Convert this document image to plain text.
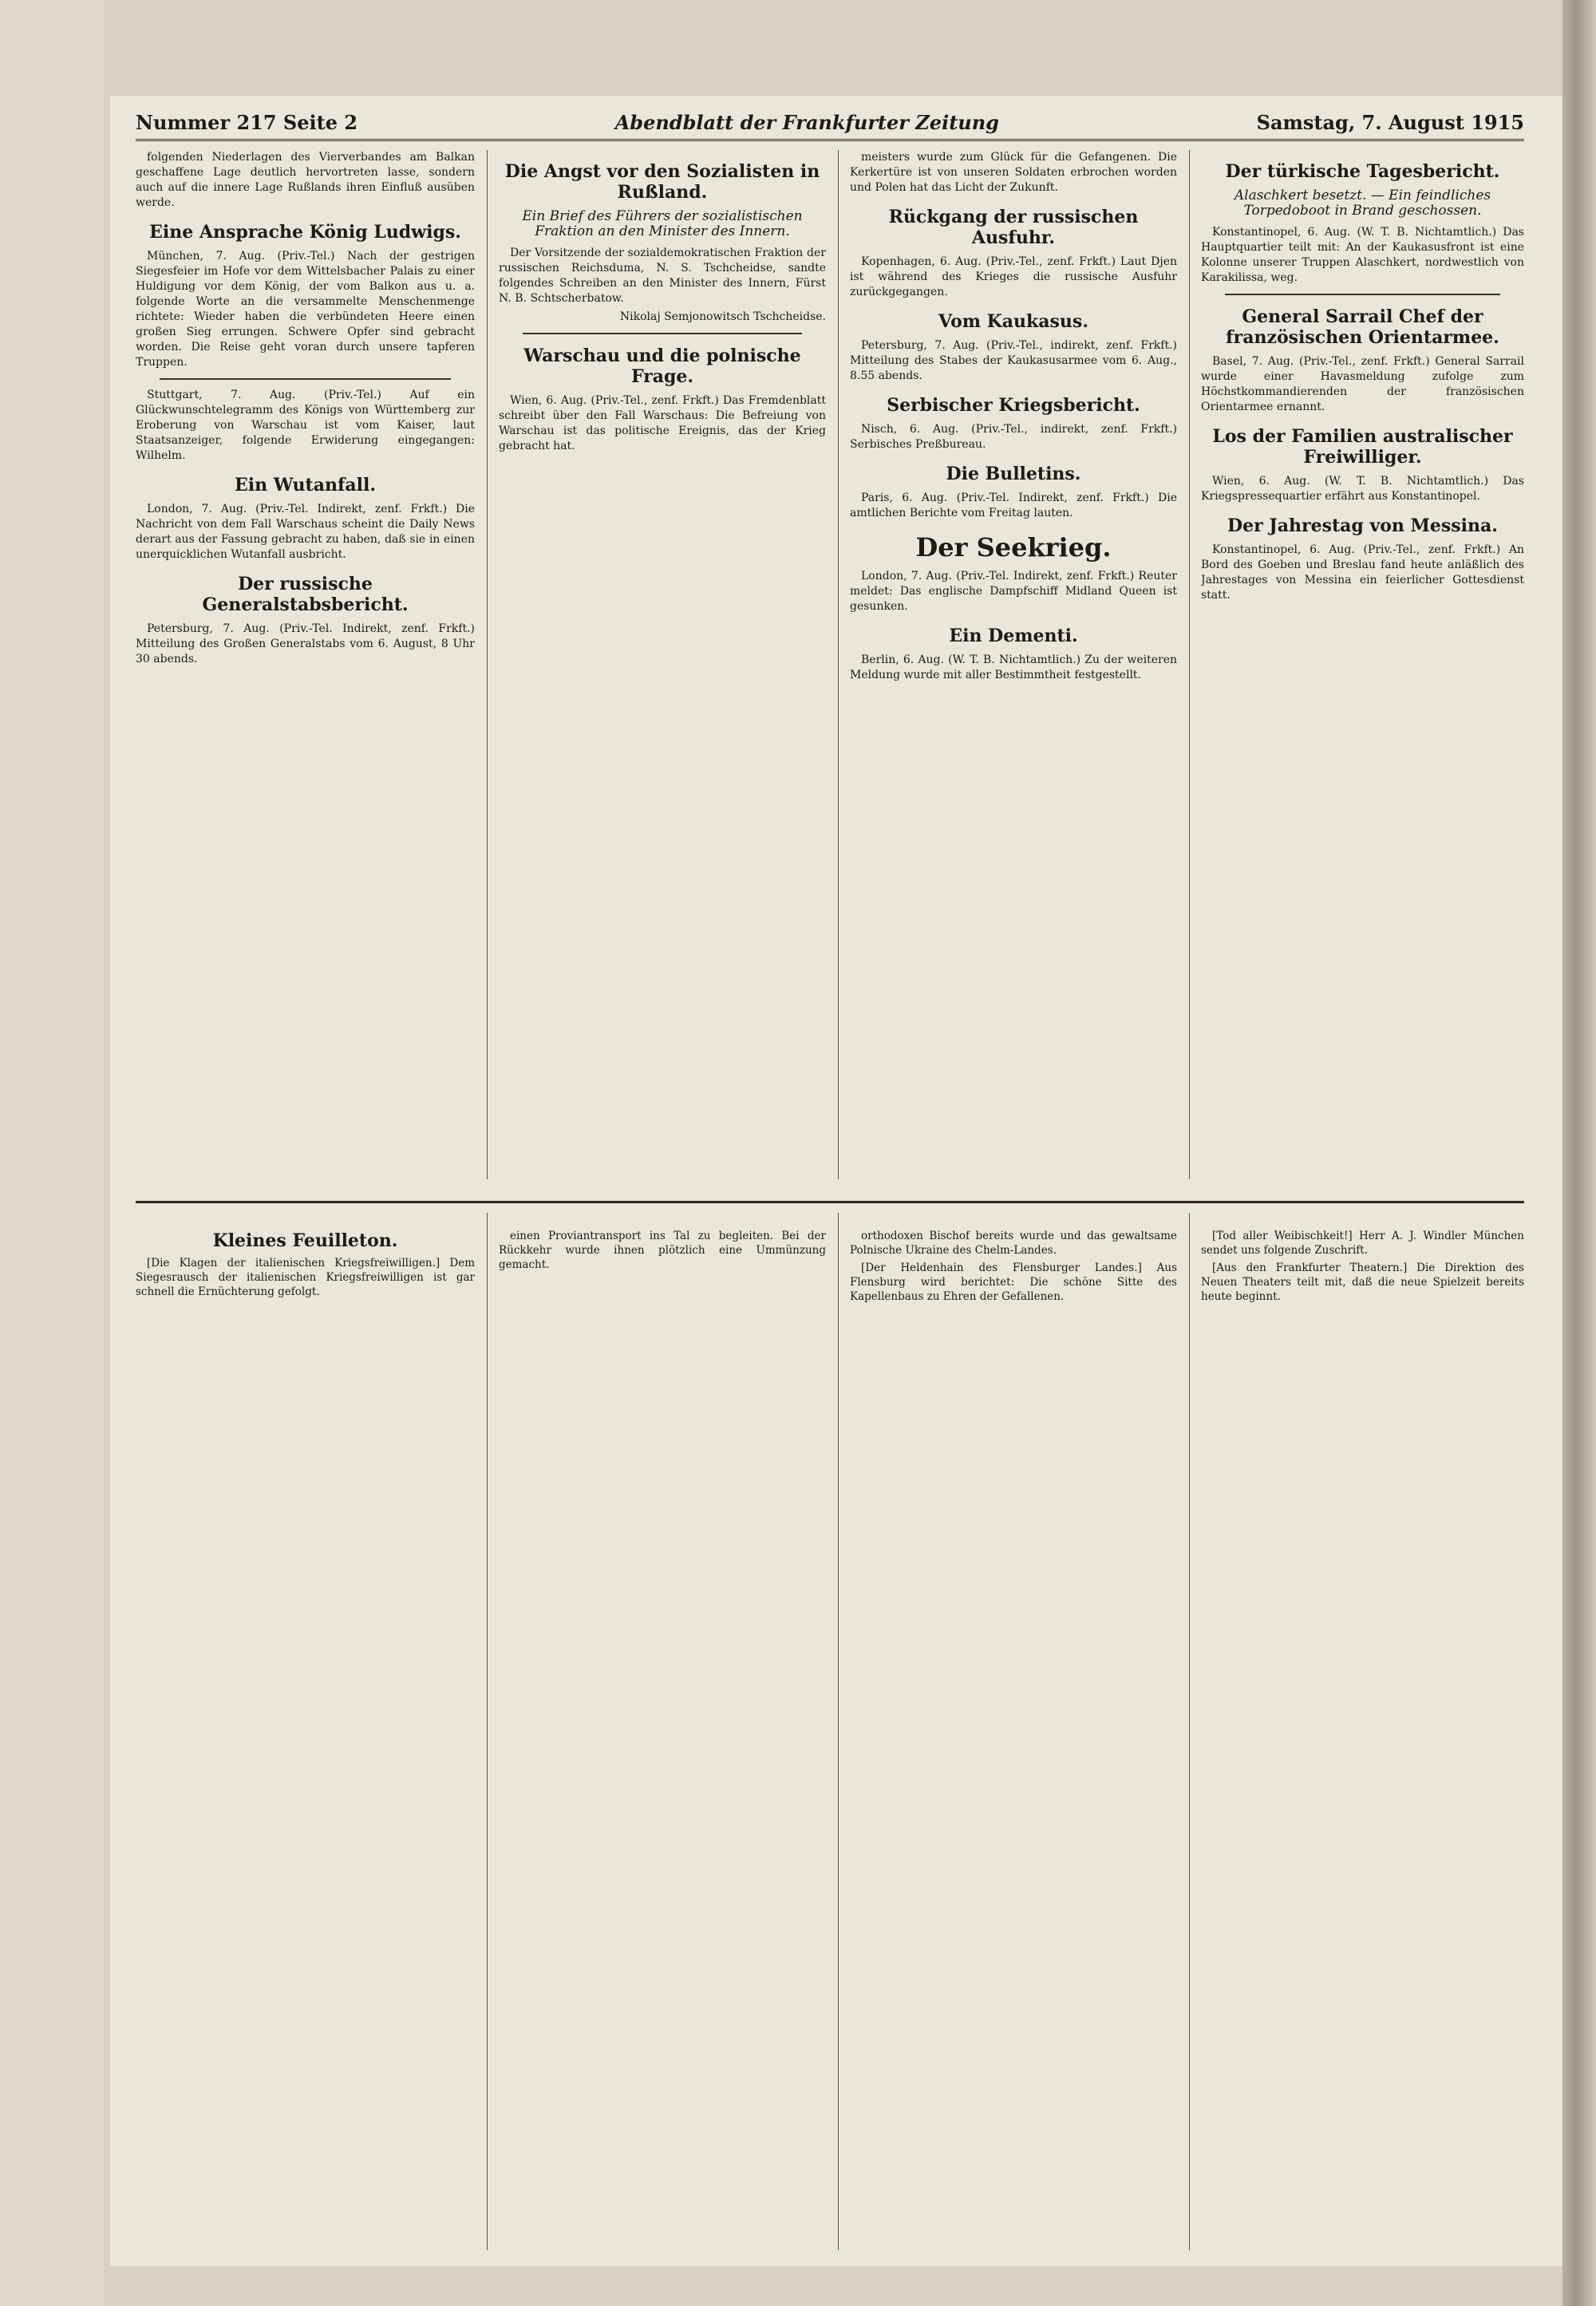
Nummer 217 Seite 2	Abendblatt der Frankfurter Zeitung	Samstag, 7. August 1915

folgenden Niederlagen des Vierverbandes am Balkan geschaffene Lage deutlich hervortreten lasse, sondern auch auf die innere Lage Rußlands ihren Einfluß ausüben werde.

Eine Ansprache König Ludwigs.

München, 7. Aug. (Priv.-Tel.) Nach der gestrigen Siegesfeier im Hofe vor dem Wittelsbacher Palais zu einer Huldigung vor dem König, der vom Balkon aus u. a. folgende Worte an die versammelte Menschenmenge richtete: Wieder haben die verbündeten Heere einen großen Sieg errungen. Schwere Opfer sind gebracht worden. Die Reise geht voran durch unsere tapferen Truppen.

Stuttgart, 7. Aug. (Priv.-Tel.) Auf ein Glückwunschtelegramm des Königs von Württemberg zur Eroberung von Warschau ist vom Kaiser, laut Staatsanzeiger, folgende Erwiderung eingegangen: Wilhelm.

Ein Wutanfall.

London, 7. Aug. (Priv.-Tel. Indirekt, zenf. Frkft.) Die Nachricht von dem Fall Warschaus scheint die Daily News derart aus der Fassung gebracht zu haben, daß sie in einen unerquicklichen Wutanfall ausbricht.

Der russische Generalstabsbericht.

Petersburg, 7. Aug. (Priv.-Tel. Indirekt, zenf. Frkft.) Mitteilung des Großen Generalstabs vom 6. August, 8 Uhr 30 abends.

Die Angst vor den Sozialisten in Rußland.
Ein Brief des Führers der sozialistischen Fraktion an den Minister des Innern.

Der Vorsitzende der sozialdemokratischen Fraktion der russischen Reichsduma, N. S. Tschcheidse, sandte folgendes Schreiben an den Minister des Innern, Fürst N. B. Schtscherbatow.

Nikolaj Semjonowitsch Tschcheidse.

Warschau und die polnische Frage.

Wien, 6. Aug. (Priv.-Tel., zenf. Frkft.) Das Fremdenblatt schreibt über den Fall Warschaus: Die Befreiung von Warschau ist das politische Ereignis, das der Krieg gebracht hat.

meisters wurde zum Glück für die Gefangenen. Die Kerkertüre ist von unseren Soldaten erbrochen worden und Polen hat das Licht der Zukunft.

Rückgang der russischen Ausfuhr.

Kopenhagen, 6. Aug. (Priv.-Tel., zenf. Frkft.) Laut Djen ist während des Krieges die russische Ausfuhr zurückgegangen.

Vom Kaukasus.

Petersburg, 7. Aug. (Priv.-Tel., indirekt, zenf. Frkft.) Mitteilung des Stabes der Kaukasusarmee vom 6. Aug., 8.55 abends.

Serbischer Kriegsbericht.

Nisch, 6. Aug. (Priv.-Tel., indirekt, zenf. Frkft.) Serbisches Preßbureau.

Die Bulletins.

Paris, 6. Aug. (Priv.-Tel. Indirekt, zenf. Frkft.) Die amtlichen Berichte vom Freitag lauten.

Der Seekrieg.

London, 7. Aug. (Priv.-Tel. Indirekt, zenf. Frkft.) Reuter meldet: Das englische Dampfschiff Midland Queen ist gesunken.

Ein Dementi.

Berlin, 6. Aug. (W. T. B. Nichtamtlich.) Zu der weiteren Meldung wurde mit aller Bestimmtheit festgestellt.

Der türkische Tagesbericht.
Alaschkert besetzt. — Ein feindliches Torpedoboot in Brand geschossen.

Konstantinopel, 6. Aug. (W. T. B. Nichtamtlich.) Das Hauptquartier teilt mit: An der Kaukasusfront ist eine Kolonne unserer Truppen Alaschkert, nordwestlich von Karakilissa, weg.

General Sarrail Chef der französischen Orientarmee.

Basel, 7. Aug. (Priv.-Tel., zenf. Frkft.) General Sarrail wurde einer Havasmeldung zufolge zum Höchstkommandierenden der französischen Orientarmee ernannt.

Los der Familien australischer Freiwilliger.

Wien, 6. Aug. (W. T. B. Nichtamtlich.) Das Kriegspressequartier erfährt aus Konstantinopel.

Der Jahrestag von Messina.

Konstantinopel, 6. Aug. (Priv.-Tel., zenf. Frkft.) An Bord des Goeben und Breslau fand heute anläßlich des Jahrestages von Messina ein feierlicher Gottesdienst statt.

Kleines Feuilleton.

[Die Klagen der italienischen Kriegsfreiwilligen.] Dem Siegesrausch der italienischen Kriegsfreiwilligen ist gar schnell die Ernüchterung gefolgt.

einen Proviantransport ins Tal zu begleiten. Bei der Rückkehr wurde ihnen plötzlich eine Ummünzung gemacht.

orthodoxen Bischof bereits wurde und das gewaltsame Polnische Ukraine des Chelm-Landes.

[Der Heldenhain des Flensburger Landes.] Aus Flensburg wird berichtet: Die schöne Sitte des Kapellenbaus zu Ehren der Gefallenen.

[Tod aller Weibischkeit!] Herr A. J. Windler München sendet uns folgende Zuschrift.

[Aus den Frankfurter Theatern.] Die Direktion des Neuen Theaters teilt mit, daß die neue Spielzeit bereits heute beginnt.
